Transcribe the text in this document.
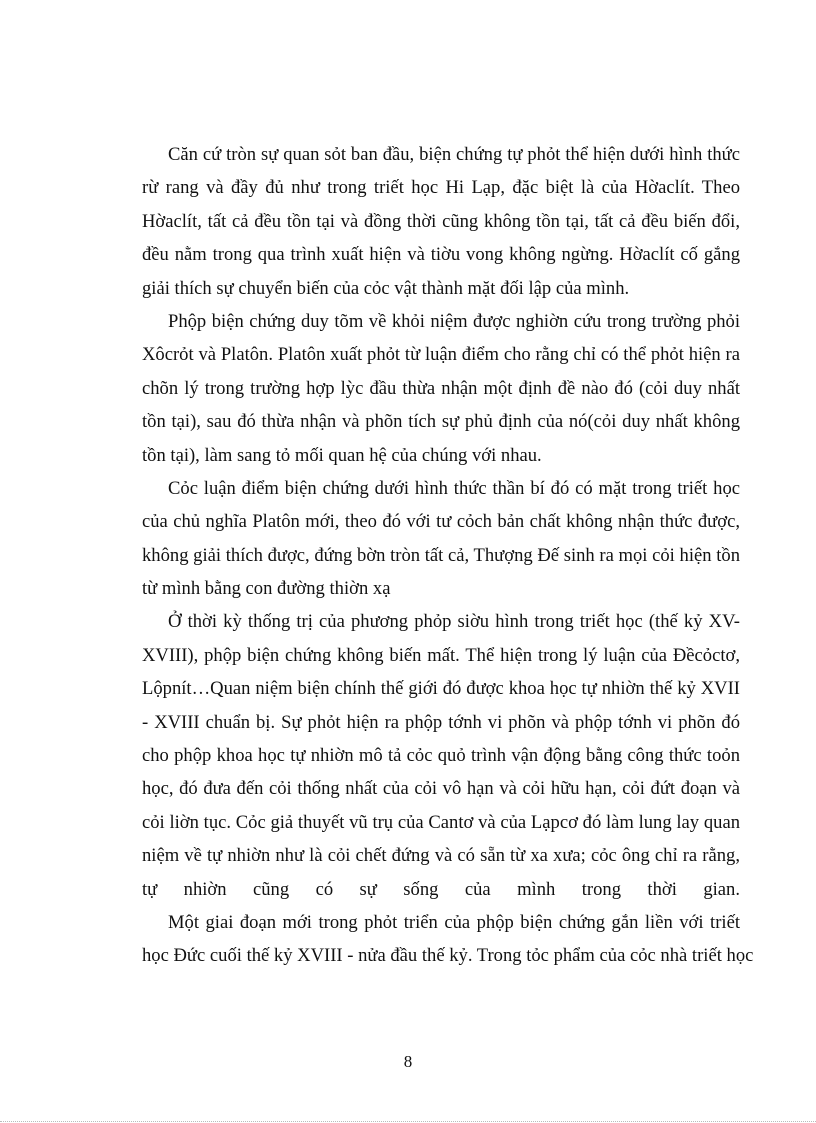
Căn cứ tròn sự quan sỏt ban đầu, biện chứng tự phỏt thể hiện dưới hình thức
rừ rang và đầy đủ như trong triết học Hi Lạp, đặc biệt là của Hờaclít. Theo
Hờaclít, tất cả đều tồn tại và đồng thời cũng không tồn tại, tất cả đều biến đổi,
đều nằm trong qua trình xuất hiện và tiờu vong không ngừng. Hờaclít cố gắng
giải thích sự chuyển biến của cỏc vật thành mặt đối lập của mình.
Phộp biện chứng duy tõm về khỏi niệm được nghiờn cứu trong trường phỏi
Xôcrỏt và Platôn. Platôn xuất phỏt từ luận điểm cho rằng chỉ có thể phỏt hiện ra
chõn lý trong trường hợp lỳc đầu thừa nhận một định đề nào đó (cỏi duy nhất
tồn tại), sau đó thừa nhận và phõn tích sự phủ định của nó(cỏi duy nhất không
tồn tại), làm sang tỏ mối quan hệ của chúng với nhau.
Cỏc luận điểm biện chứng dưới hình thức thần bí đó có mặt trong triết học
của chủ nghĩa Platôn mới, theo đó với tư cỏch bản chất không nhận thức được,
không giải thích được, đứng bờn tròn tất cả, Thượng Đế sinh ra mọi cỏi hiện tồn
từ mình bằng con đường thiờn xạ
Ở thời kỳ thống trị của phương phỏp siờu hình trong triết học (thế kỷ XV-
XVIII), phộp biện chứng không biến mất. Thể hiện trong lý luận của Đềcỏctơ,
Lộpnít…Quan niệm biện chính thế giới đó được khoa học tự nhiờn thế kỷ XVII
- XVIII chuẩn bị. Sự phỏt hiện ra phộp tớnh vi phõn và phộp tớnh vi phõn đó
cho phộp khoa học tự nhiờn mô tả cỏc quỏ trình vận động bằng công thức toỏn
học, đó đưa đến cỏi thống nhất của cỏi vô hạn và cỏi hữu hạn, cỏi đứt đoạn và
cỏi liờn tục. Cỏc giả thuyết vũ trụ của Cantơ và của Lạpcơ đó làm lung lay quan
niệm về tự nhiờn như là cỏi chết đứng và có sẵn từ xa xưa; cỏc ông chỉ ra rằng,
tự nhiờn cũng có sự sống của mình trong thời gian.
Một giai đoạn mới trong phỏt triển của phộp biện chứng gắn liền với triết
học Đức cuối thế kỷ XVIII - nửa đầu thế kỷ. Trong tỏc phẩm của cỏc nhà triết học
8
